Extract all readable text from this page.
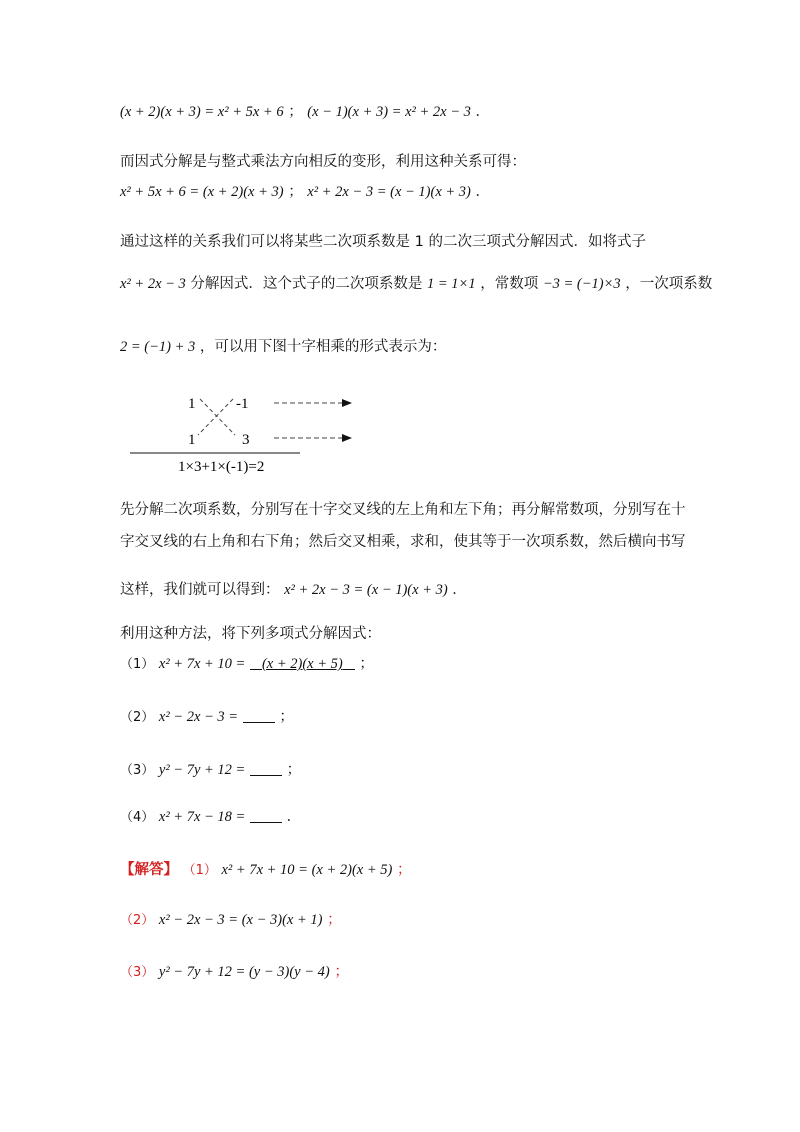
(x + 2)(x + 3) = x² + 5x + 6 ； (x − 1)(x + 3) = x² + 2x − 3 ．
而因式分解是与整式乘法方向相反的变形，利用这种关系可得：
x² + 5x + 6 = (x + 2)(x + 3) ； x² + 2x − 3 = (x − 1)(x + 3) ．
通过这样的关系我们可以将某些二次项系数是 1 的二次三项式分解因式．如将式子
x² + 2x − 3 分解因式．这个式子的二次项系数是 1 = 1×1 ，常数项 −3 = (−1)×3 ，一次项系数
2 = (−1) + 3 ，可以用下图十字相乘的形式表示为：
1	-1
1	3
1×3+1×(-1)=2
先分解二次项系数，分别写在十字交叉线的左上角和左下角；再分解常数项，分别写在十
字交叉线的右上角和右下角；然后交叉相乘，求和，使其等于一次项系数，然后横向书写
这样，我们就可以得到： x² + 2x − 3 = (x − 1)(x + 3) ．
利用这种方法，将下列多项式分解因式：
（1） x² + 7x + 10 = (x + 2)(x + 5) ；
（2） x² − 2x − 3 =	；
（3） y² − 7y + 12 =	；
（4） x² + 7x − 18 =	．
【解答】 （1） x² + 7x + 10 = (x + 2)(x + 5) ；
（2） x² − 2x − 3 = (x − 3)(x + 1) ；
（3） y² − 7y + 12 = (y − 3)(y − 4) ；
